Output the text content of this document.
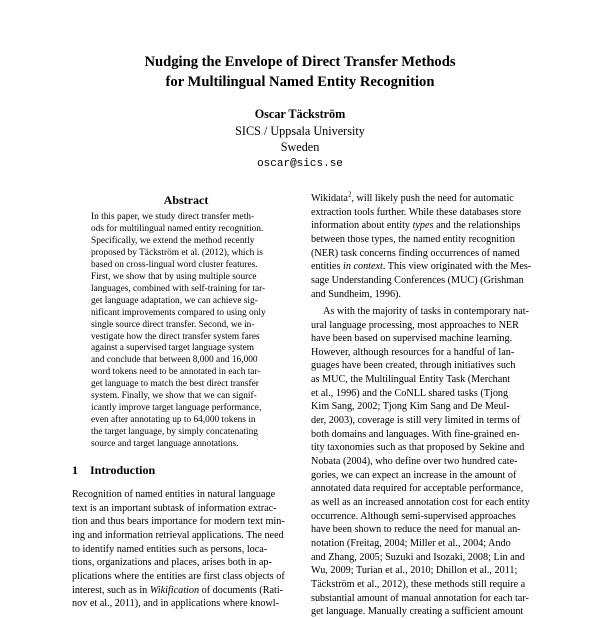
Nudging the Envelope of Direct Transfer Methods
for Multilingual Named Entity Recognition
Oscar Täckström
SICS / Uppsala University
Sweden
oscar@sics.se
Abstract
In this paper, we study direct transfer meth-
ods for multilingual named entity recognition.
Specifically, we extend the method recently
proposed by Täckström et al. (2012), which is
based on cross-lingual word cluster features.
First, we show that by using multiple source
languages, combined with self-training for tar-
get language adaptation, we can achieve sig-
nificant improvements compared to using only
single source direct transfer. Second, we in-
vestigate how the direct transfer system fares
against a supervised target language system
and conclude that between 8,000 and 16,000
word tokens need to be annotated in each tar-
get language to match the best direct transfer
system. Finally, we show that we can signif-
icantly improve target language performance,
even after annotating up to 64,000 tokens in
the target language, by simply concatenating
source and target language annotations.
1 Introduction
Recognition of named entities in natural language
text is an important subtask of information extrac-
tion and thus bears importance for modern text min-
ing and information retrieval applications. The need
to identify named entities such as persons, loca-
tions, organizations and places, arises both in ap-
plications where the entities are first class objects of
interest, such as in Wikification of documents (Rati-
nov et al., 2011), and in applications where knowl-
Wikidata$^2$, will likely push the need for automatic
extraction tools further. While these databases store
information about entity types and the relationships
between those types, the named entity recognition
(NER) task concerns finding occurrences of named
entities in context. This view originated with the Mes-
sage Understanding Conferences (MUC) (Grishman
and Sundheim, 1996).
As with the majority of tasks in contemporary nat-
ural language processing, most approaches to NER
have been based on supervised machine learning.
However, although resources for a handful of lan-
guages have been created, through initiatives such
as MUC, the Multilingual Entity Task (Merchant
et al., 1996) and the CoNLL shared tasks (Tjong
Kim Sang, 2002; Tjong Kim Sang and De Meul-
der, 2003), coverage is still very limited in terms of
both domains and languages. With fine-grained en-
tity taxonomies such as that proposed by Sekine and
Nobata (2004), who define over two hundred cate-
gories, we can expect an increase in the amount of
annotated data required for acceptable performance,
as well as an increased annotation cost for each entity
occurrence. Although semi-supervised approaches
have been shown to reduce the need for manual an-
notation (Freitag, 2004; Miller et al., 2004; Ando
and Zhang, 2005; Suzuki and Isozaki, 2008; Lin and
Wu, 2009; Turian et al., 2010; Dhillon et al., 2011;
Täckström et al., 2012), these methods still require a
substantial amount of manual annotation for each tar-
get language. Manually creating a sufficient amount
